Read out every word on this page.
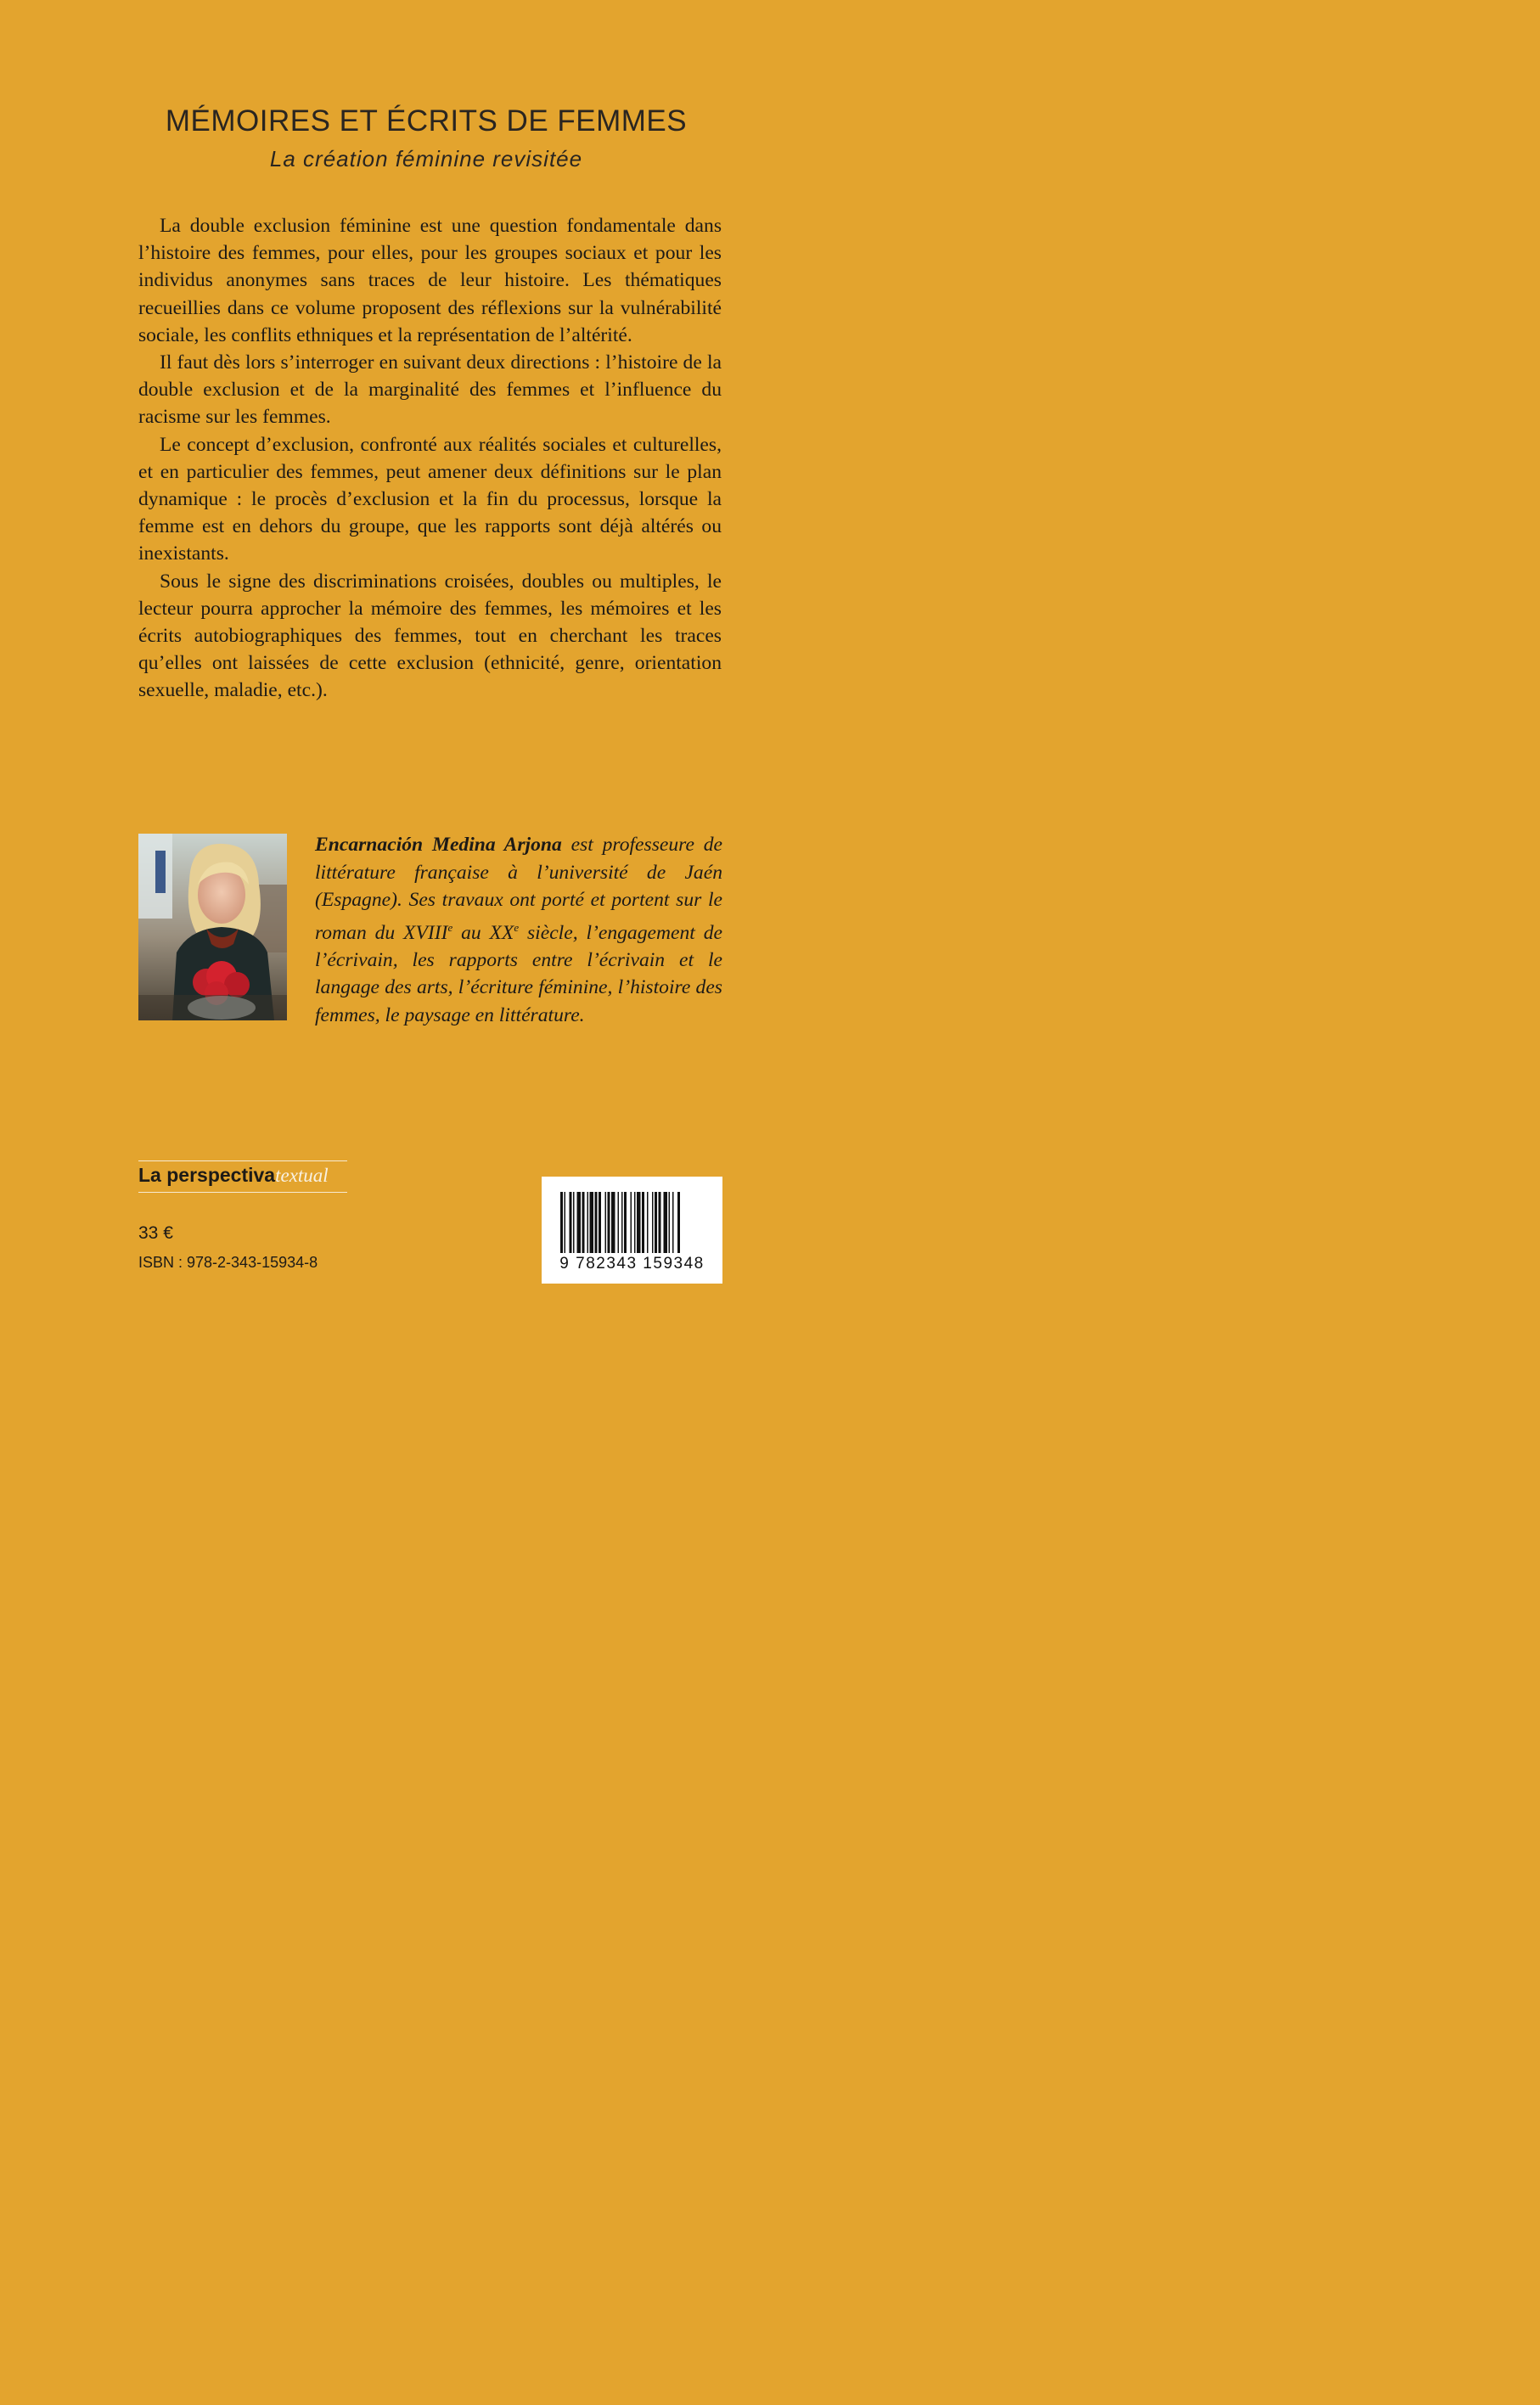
MÉMOIRES ET ÉCRITS DE FEMMES
La création féminine revisitée

La double exclusion féminine est une question fondamentale dans l’histoire des femmes, pour elles, pour les groupes sociaux et pour les individus anonymes sans traces de leur histoire. Les thématiques recueillies dans ce volume proposent des réflexions sur la vulnérabilité sociale, les conflits ethniques et la représentation de l’altérité.

Il faut dès lors s’interroger en suivant deux directions : l’histoire de la double exclusion et de la marginalité des femmes et l’influence du racisme sur les femmes.

Le concept d’exclusion, confronté aux réalités sociales et culturelles, et en particulier des femmes, peut amener deux définitions sur le plan dynamique : le procès d’exclusion et la fin du processus, lorsque la femme est en dehors du groupe, que les rapports sont déjà altérés ou inexistants.

Sous le signe des discriminations croisées, doubles ou multiples, le lecteur pourra approcher la mémoire des femmes, les mémoires et les écrits autobiographiques des femmes, tout en cherchant les traces qu’elles ont laissées de cette exclusion (ethnicité, genre, orientation sexuelle, maladie, etc.).

Encarnación Medina Arjona est professeure de littérature française à l’université de Jaén (Espagne). Ses travaux ont porté et portent sur le roman du XVIIIe au XXe siècle, l’engagement de l’écrivain, les rapports entre l’écrivain et le langage des arts, l’écriture féminine, l’histoire des femmes, le paysage en littérature.
La perspectivatextual
33 €
ISBN : 978-2-343-15934-8	9 782343 159348
